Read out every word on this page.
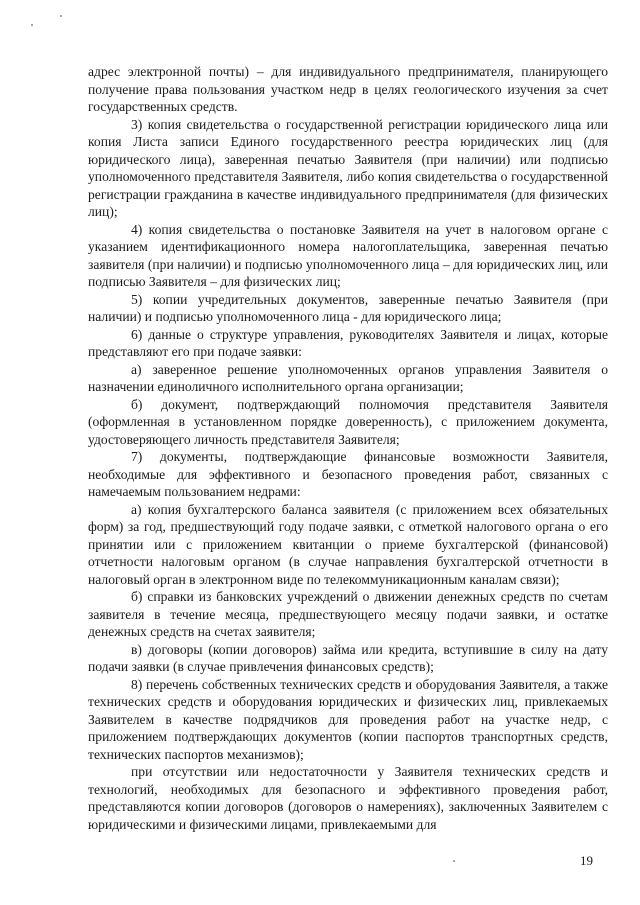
адрес электронной почты) – для индивидуального предпринимателя, планирующего получение права пользования участком недр в целях геологического изучения за счет государственных средств.

3) копия свидетельства о государственной регистрации юридического лица или копия Листа записи Единого государственного реестра юридических лиц (для юридического лица), заверенная печатью Заявителя (при наличии) или подписью уполномоченного представителя Заявителя, либо копия свидетельства о государственной регистрации гражданина в качестве индивидуального предпринимателя (для физических лиц);

4) копия свидетельства о постановке Заявителя на учет в налоговом органе с указанием идентификационного номера налогоплательщика, заверенная печатью заявителя (при наличии) и подписью уполномоченного лица – для юридических лиц, или подписью Заявителя – для физических лиц;

5) копии учредительных документов, заверенные печатью Заявителя (при наличии) и подписью уполномоченного лица - для юридического лица;

6) данные о структуре управления, руководителях Заявителя и лицах, которые представляют его при подаче заявки:

а) заверенное решение уполномоченных органов управления Заявителя о назначении единоличного исполнительного органа организации;

б) документ, подтверждающий полномочия представителя Заявителя (оформленная в установленном порядке доверенность), с приложением документа, удостоверяющего личность представителя Заявителя;

7) документы, подтверждающие финансовые возможности Заявителя, необходимые для эффективного и безопасного проведения работ, связанных с намечаемым пользованием недрами:

а) копия бухгалтерского баланса заявителя (с приложением всех обязательных форм) за год, предшествующий году подаче заявки, с отметкой налогового органа о его принятии или с приложением квитанции о приеме бухгалтерской (финансовой) отчетности налоговым органом (в случае направления бухгалтерской отчетности в налоговый орган в электронном виде по телекоммуникационным каналам связи);

б) справки из банковских учреждений о движении денежных средств по счетам заявителя в течение месяца, предшествующего месяцу подачи заявки, и остатке денежных средств на счетах заявителя;

в) договоры (копии договоров) займа или кредита, вступившие в силу на дату подачи заявки (в случае привлечения финансовых средств);

8) перечень собственных технических средств и оборудования Заявителя, а также технических средств и оборудования юридических и физических лиц, привлекаемых Заявителем в качестве подрядчиков для проведения работ на участке недр, с приложением подтверждающих документов (копии паспортов транспортных средств, технических паспортов механизмов);

при отсутствии или недостаточности у Заявителя технических средств и технологий, необходимых для безопасного и эффективного проведения работ, представляются копии договоров (договоров о намерениях), заключенных Заявителем с юридическими и физическими лицами, привлекаемыми для

19
